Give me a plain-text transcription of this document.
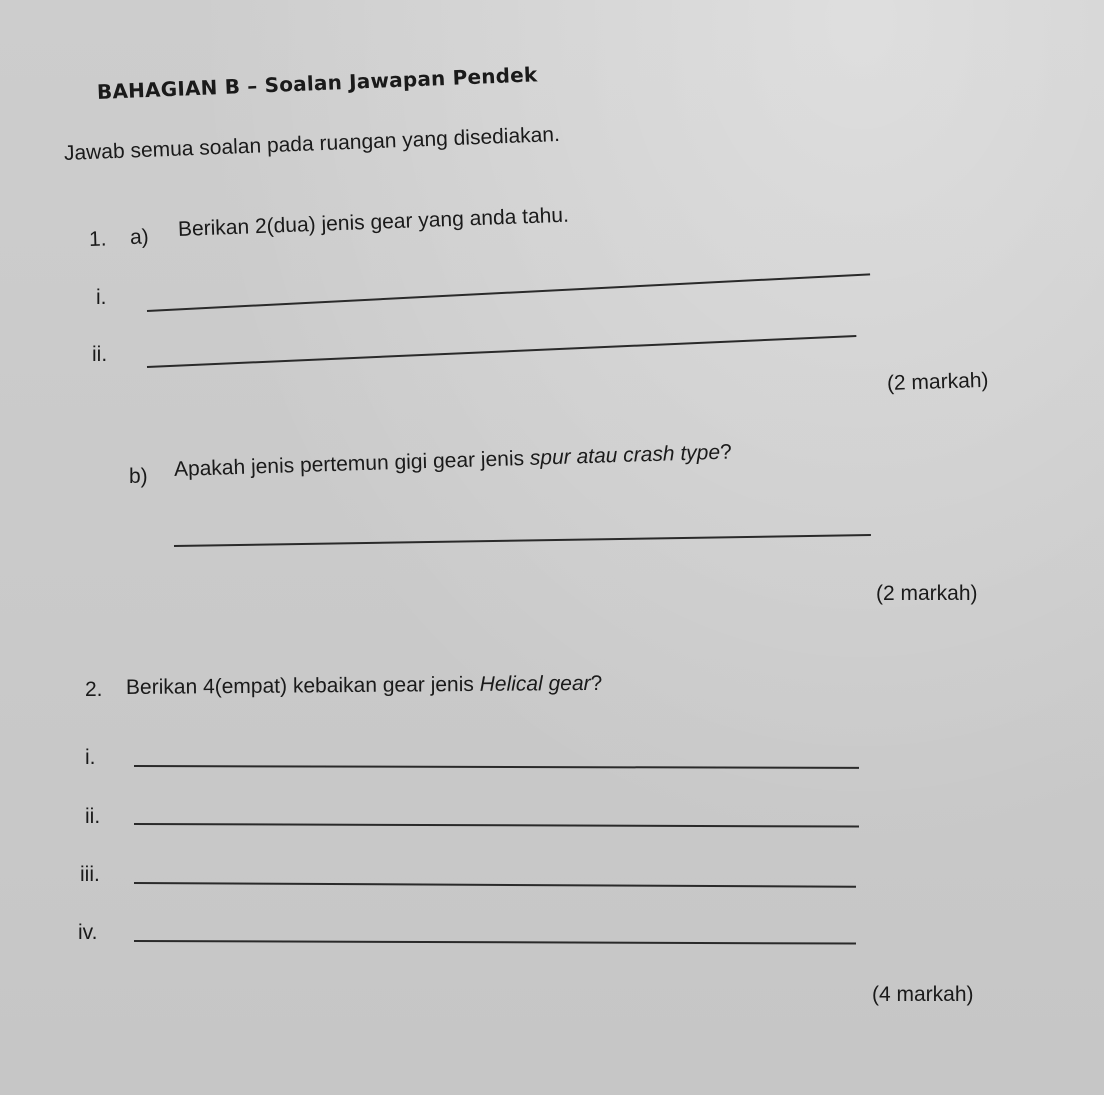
BAHAGIAN B – Soalan Jawapan Pendek
Jawab semua soalan pada ruangan yang disediakan.
1. a) Berikan 2(dua) jenis gear yang anda tahu.
i.
ii.
(2 markah)
b) Apakah jenis pertemun gigi gear jenis spur atau crash type?
(2 markah)
2. Berikan 4(empat) kebaikan gear jenis Helical gear?
i.
ii.
iii.
iv.
(4 markah)
